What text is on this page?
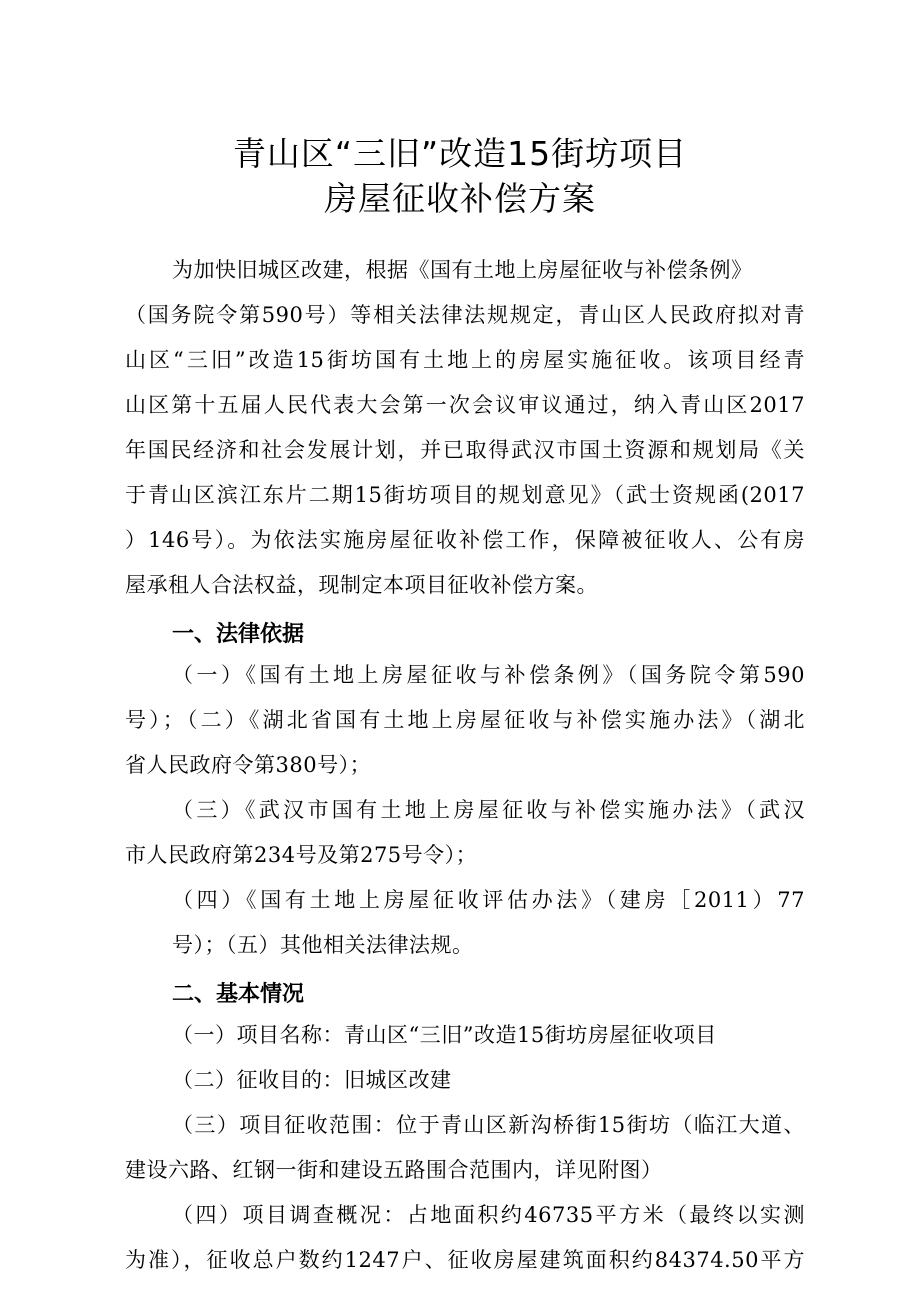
青山区“三旧”改造15街坊项目
房屋征收补偿方案
为加快旧城区改建，根据《国有土地上房屋征收与补偿条例》
（国务院令第590号）等相关法律法规规定，青山区人民政府拟对青
山区“三旧”改造15街坊国有土地上的房屋实施征收。该项目经青
山区第十五届人民代表大会第一次会议审议通过，纳入青山区2017
年国民经济和社会发展计划，并已取得武汉市国土资源和规划局《关
于青山区滨江东片二期15街坊项目的规划意见》（武士资规函(2017
）146号）。为依法实施房屋征收补偿工作，保障被征收人、公有房
屋承租人合法权益，现制定本项目征收补偿方案。
一、法律依据
（一）《国有土地上房屋征收与补偿条例》（国务院令第590
号）；（二）《湖北省国有土地上房屋征收与补偿实施办法》（湖北
省人民政府令第380号）；
（三）《武汉市国有土地上房屋征收与补偿实施办法》（武汉
市人民政府第234号及第275号令）；
（四）《国有土地上房屋征收评估办法》（建房［2011）77
号）；（五）其他相关法律法规。
二、基本情况
（一）项目名称：青山区“三旧”改造15街坊房屋征收项目
（二）征收目的：旧城区改建
（三）项目征收范围：位于青山区新沟桥街15街坊（临江大道、
建设六路、红钢一街和建设五路围合范围内，详见附图）
（四）项目调查概况：占地面积约46735平方米（最终以实测
为准），征收总户数约1247户、征收房屋建筑面积约84374.50平方
